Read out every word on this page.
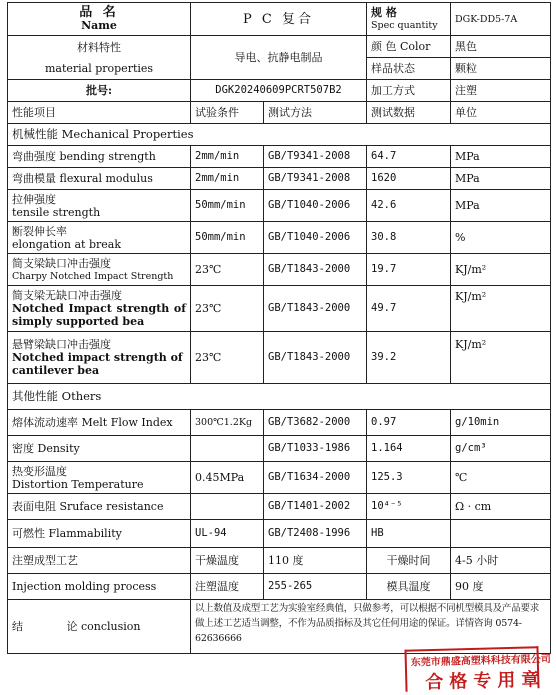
品 名
Name	P C 复合		规 格
Spec quantity	DGK-DD5-7A

材料特性
material properties	导电、抗静电制品		颜 色 Color	黑色
			样品状态	颗粒
批号:	DGK20240609PCRT507B2		加工方式	注塑
性能项目	试验条件	测试方法	测试数据	单位
机械性能 Mechanical Properties				
弯曲强度 bending strength	2mm/min	GB/T9341-2008	64.7	MPa
弯曲模量 flexural modulus	2mm/min	GB/T9341-2008	1620	MPa

拉伸强度
tensile strength	50mm/min	GB/T1040-2006	42.6	MPa

断裂伸长率
elongation at break	50mm/min	GB/T1040-2006	30.8	%

简支梁缺口冲击强度
Charpy Notched Impact Strength	23℃	GB/T1843-2000	19.7	KJ/m²

简支梁无缺口冲击强度
Notched Impact strength of simply supported bea	23℃	GB/T1843-2000	49.7	KJ/m²

悬臂梁缺口冲击强度
Notched impact strength of cantilever bea	23℃	GB/T1843-2000	39.2	KJ/m²
其他性能 Others				
熔体流动速率 Melt Flow Index	300℃1.2Kg	GB/T3682-2000	0.97	g/10min
密度 Density		GB/T1033-1986	1.164	g/cm³

热变形温度
Distortion Temperature	0.45MPa	GB/T1634-2000	125.3	℃
表面电阻 Sruface resistance		GB/T1401-2002	10⁴⁻⁵	Ω · cm
可燃性 Flammability	UL-94	GB/T2408-1996	HB	
注塑成型工艺	干燥温度	110 度	干燥时间	4-5 小时
Injection molding process	注塑温度	255-265	模具温度	90 度
结 论 conclusion	以上数值及成型工艺为实验室经典值，只做参考，可以根据不同机型模具及产品要求做上述工艺适当调整，不作为品质指标及其它任何用途的保证。详情咨询 0574-62636666			
东莞市鼎盛高塑料科技有限公司
合格专用章
